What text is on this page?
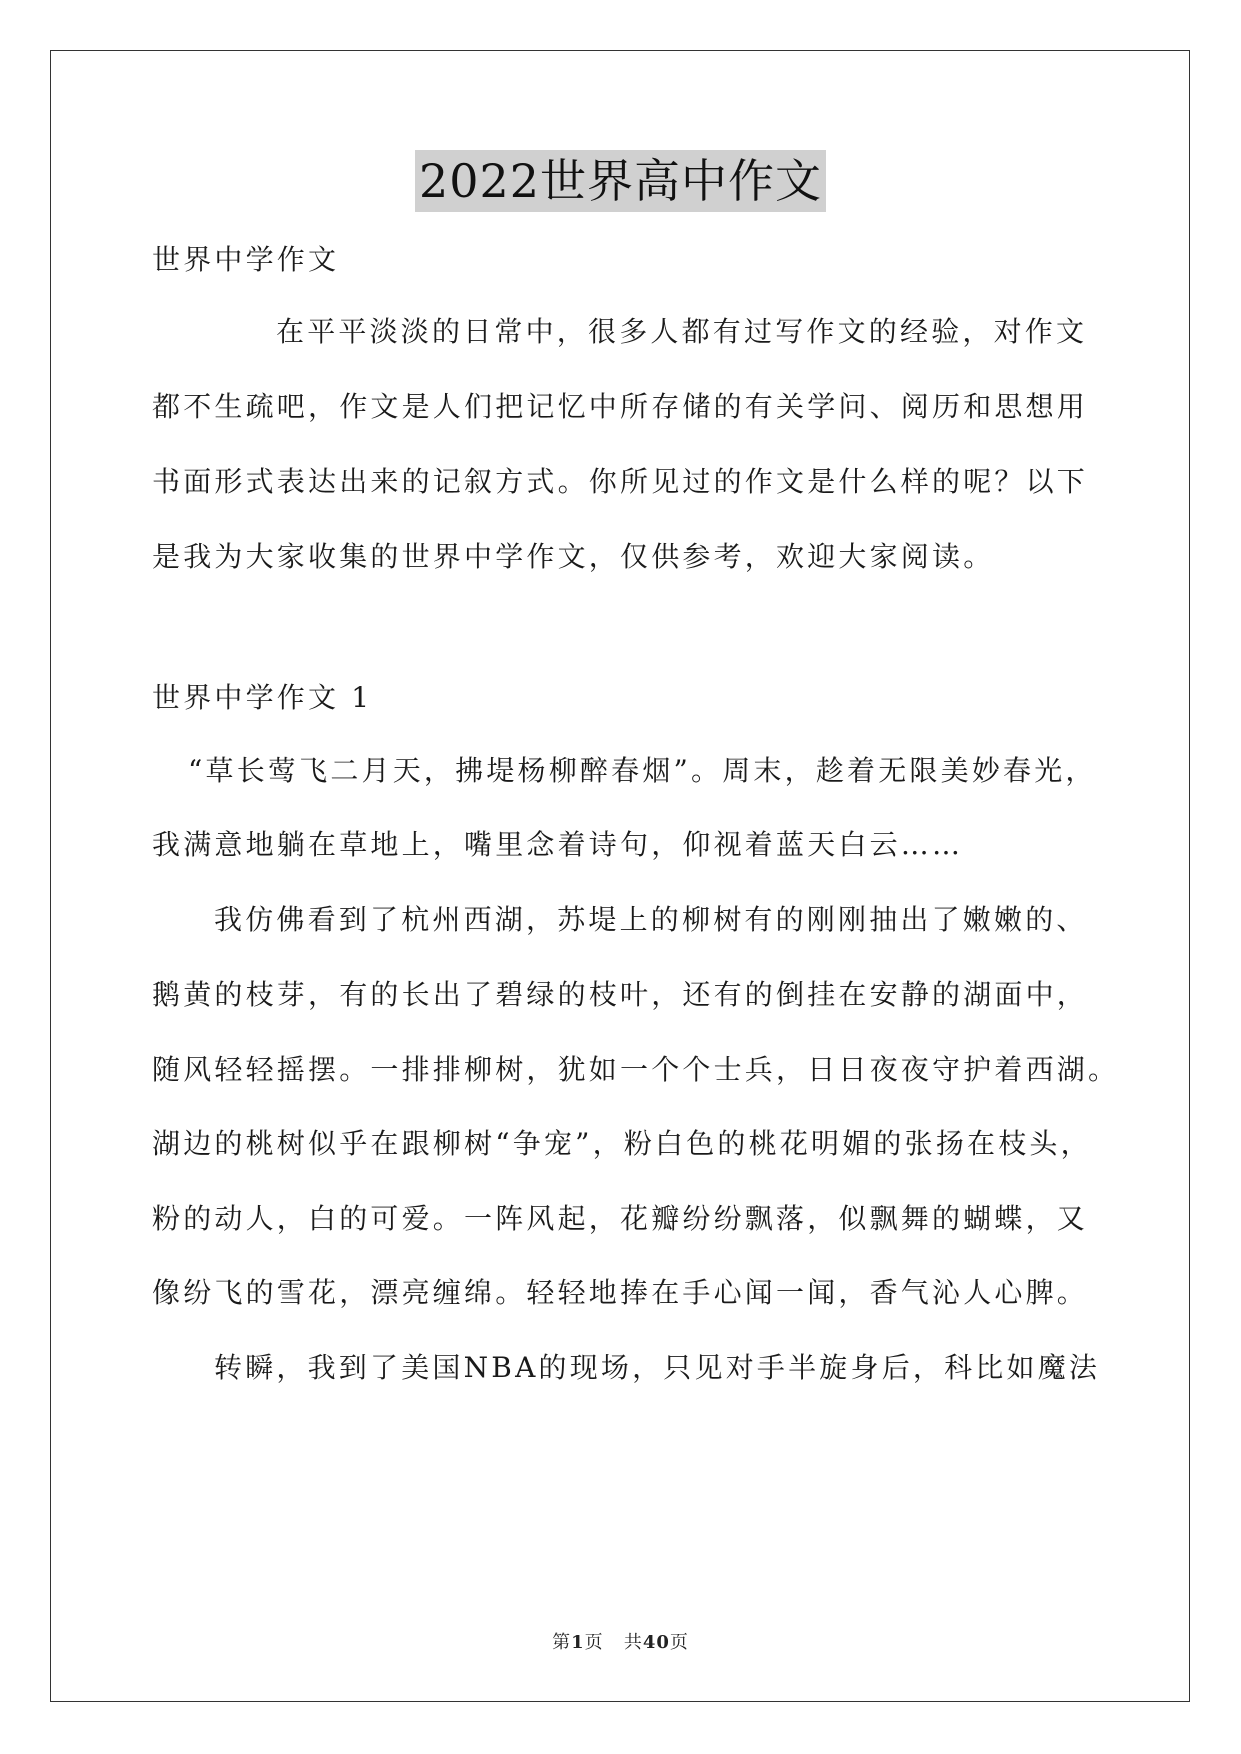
2022世界高中作文
世界中学作文
在平平淡淡的日常中，很多人都有过写作文的经验，对作文
都不生疏吧，作文是人们把记忆中所存储的有关学问、阅历和思想用
书面形式表达出来的记叙方式。你所见过的作文是什么样的呢？以下
是我为大家收集的世界中学作文，仅供参考，欢迎大家阅读。
世界中学作文 1
“草长莺飞二月天，拂堤杨柳醉春烟”。周末，趁着无限美妙春光，
我满意地躺在草地上，嘴里念着诗句，仰视着蓝天白云……
我仿佛看到了杭州西湖，苏堤上的柳树有的刚刚抽出了嫩嫩的、
鹅黄的枝芽，有的长出了碧绿的枝叶，还有的倒挂在安静的湖面中，
随风轻轻摇摆。一排排柳树，犹如一个个士兵，日日夜夜守护着西湖。
湖边的桃树似乎在跟柳树“争宠”，粉白色的桃花明媚的张扬在枝头，
粉的动人，白的可爱。一阵风起，花瓣纷纷飘落，似飘舞的蝴蝶，又
像纷飞的雪花，漂亮缠绵。轻轻地捧在手心闻一闻，香气沁人心脾。
转瞬，我到了美国NBA的现场，只见对手半旋身后，科比如魔法
第1页 共40页
